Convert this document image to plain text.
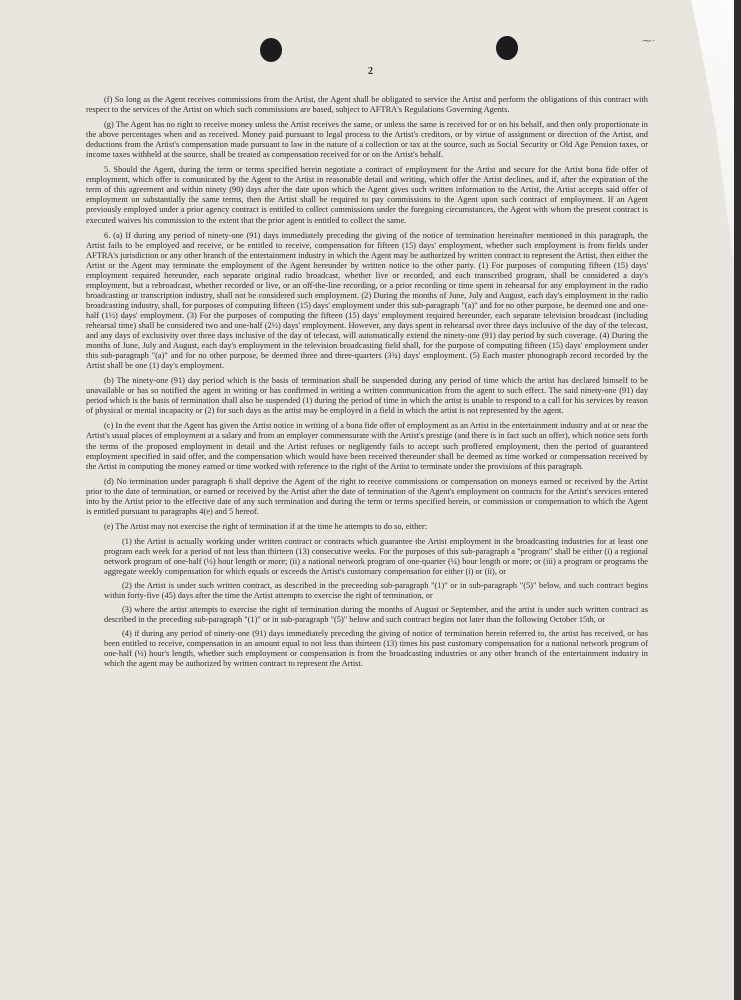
⁓·
2

(f) So long as the Agent receives commissions from the Artist, the Agent shall be obligated to service the Artist and perform the obligations of this contract with respect to the services of the Artist on which such commissions are based, subject to AFTRA's Regulations Governing Agents.

(g) The Agent has no right to receive money unless the Artist receives the same, or unless the same is received for or on his behalf, and then only proportionate in the above percentages when and as received. Money paid pursuant to legal process to the Artist's creditors, or by virtue of assignment or direction of the Artist, and deductions from the Artist's compensation made pursuant to law in the nature of a collection or tax at the source, such as Social Security or Old Age Pension taxes, or income taxes withheld at the source, shall be treated as compensation received for or on the Artist's behalf.

5. Should the Agent, during the term or terms specified herein negotiate a contract of employment for the Artist and secure for the Artist bona fide offer of employment, which offer is comunicated by the Agent to the Artist in reasonable detail and writing, which offer the Artist declines, and if, after the expiration of the term of this agreement and within ninety (90) days after the date upon which the Agent gives such written information to the Artist, the Artist accepts said offer of employment on substantially the same terms, then the Artist shall be required to pay commissions to the Agent upon such contract of employment. If an Agent previously employed under a prior agency contract is entitled to collect commissions under the foregoing circumstances, the Agent with whom the present contract is executed waives his commission to the extent that the prior agent is entitled to collect the same.

6. (a) If during any period of ninety-one (91) days immediately preceding the giving of the notice of termination hereinafter mentioned in this paragraph, the Artist fails to be employed and receive, or be entitled to receive, compensation for fifteen (15) days' employment, whether such employment is from fields under AFTRA's jurisdiction or any other branch of the entertainment industry in which the Agent may be authorized by written contract to represent the Artist, then either the Artist or the Agent may terminate the employment of the Agent hereunder by written notice to the other party. (1) For purposes of computing fifteen (15) days' employment required hereunder, each separate original radio broadcast, whether live or recorded, and each transcribed program, shall be considered a day's employment, but a rebroadcast, whether recorded or live, or an off-the-line recording, or a prior recording or time spent in rehearsal for any employment in the radio broadcasting or transcription industry, shall not be considered such employment. (2) During the months of June, July and August, each day's employment in the radio broadcasting industry, shall, for purposes of computing fifteen (15) days' employment under this sub-paragraph "(a)" and for no other purpose, be deemed one and one-half (1½) days' employment. (3) For the purposes of computing the fifteen (15) days' employment required hereunder, each separate television broadcast (including rehearsal time) shall be considered two and one-half (2½) days' employment. However, any days spent in rehearsal over three days inclusive of the day of the telecast, and any days of exclusivity over three days inclusive of the day of telecast, will automatically extend the ninety-one (91) day period by such coverage. (4) During the months of June, July and August, each day's employment in the television broadcasting field shall, for the purpose of computing fifteen (15) days' employment under this sub-paragraph "(a)" and for no other purpose, be deemed three and three-quarters (3¾) days' employment. (5) Each master phonograph record recorded by the Artist shall be one (1) day's employment.

(b) The ninety-one (91) day period which is the basis of termination shall be suspended during any period of time which the artist has declared himself to be unavailable or has so notified the agent in writing or has confirmed in writing a written communication from the agent to such effect. The said ninety-one (91) day period which is the basis of termination shall also be suspended (1) during the period of time in which the artist is unable to respond to a call for his services by reason of physical or mental incapacity or (2) for such days as the artist may be employed in a field in which the artist is not represented by the agent.

(c) In the event that the Agent has given the Artist notice in writing of a bona fide offer of employment as an Artist in the entertainment industry and at or near the Artist's usual places of employment at a salary and from an employer commensurate with the Artist's prestige (and there is in fact such an offer), which notice sets forth the terms of the proposed employment in detail and the Artist refuses or negligently fails to accept such proffered employment, then the period of guaranteed employment specified in said offer, and the compensation which would have been received thereunder shall be deemed as time worked or compensation received by the Artist in computing the money earned or time worked with reference to the right of the Artist to terminate under the provisions of this paragraph.

(d) No termination under paragraph 6 shall deprive the Agent of the right to receive commissions or compensation on moneys earned or received by the Artist prior to the date of termination, or earned or received by the Artist after the date of termination of the Agent's employment on contracts for the Artist's services entered into by the Artist prior to the effective date of any such termination and during the term or terms specified herein, or commission or compensation to which the Agent is entitled pursuant to paragraphs 4(e) and 5 hereof.

(e) The Artist may not exercise the right of termination if at the time he attempts to do so, either:

(1) the Artist is actually working under written contract or contracts which guarantee the Artist employment in the broadcasting industries for at least one program each week for a period of not less than thirteen (13) consecutive weeks. For the purposes of this sub-paragraph a "program" shall be either (i) a regional network program of one-half (½) hour length or more; (ii) a national network program of one-quarter (¼) hour length or more; or (iii) a program or programs the aggregate weekly compensation for which equals or exceeds the Artist's customary compensation for either (i) or (ii), or

(2) the Artist is under such written contract, as described in the preceeding sub-paragraph "(1)" or in sub-paragraph "(5)" below, and such contract begins within forty-five (45) days after the time the Artist attempts to exercise the right of termination, or

(3) where the artist attempts to exercise the right of termination during the months of August or September, and the artist is under such written contract as described in the preceding sub-paragraph "(1)" or in sub-paragraph "(5)" below and such contract begins not later than the following October 15th, or

(4) if during any period of ninety-one (91) days immediately preceding the giving of notice of termination herein referred to, the artist has received, or has been entitled to receive, compensation in an amount equal to not less than thirteen (13) times his past customary compensation for a national network program of one-half (½) hour's length, whether such employment or compensation is from the broadcasting industries or any other branch of the entertainment industry in which the agent may be authorized by written contract to represent the Artist.
